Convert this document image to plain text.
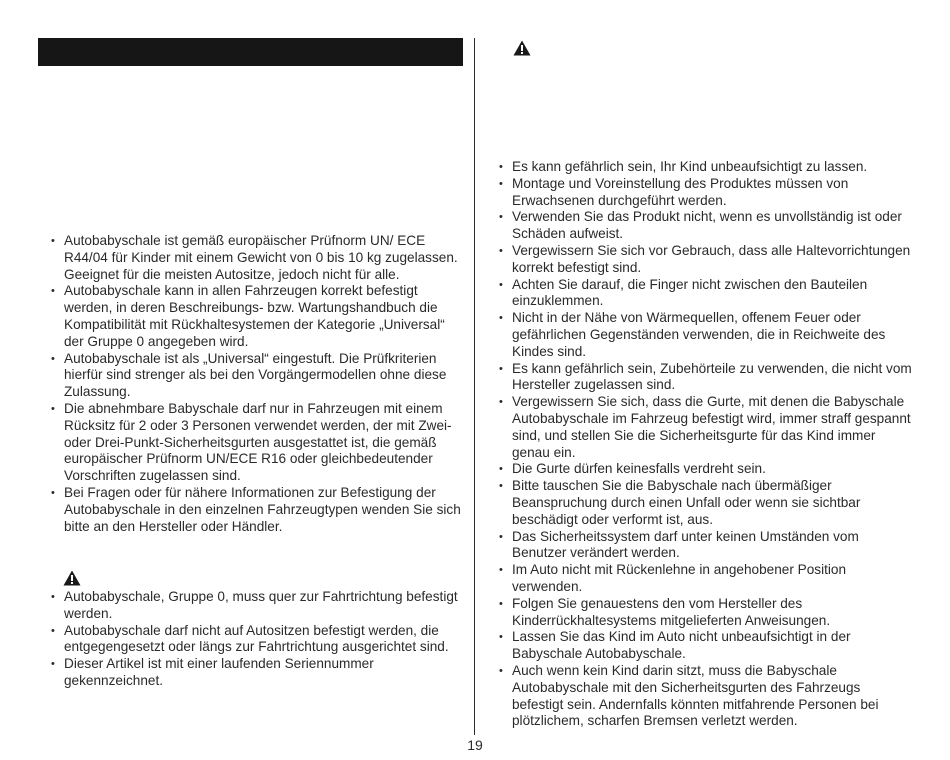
• Autobabyschale ist gemäß europäischer Prüfnorm UN/ ECE R44/04 für Kinder mit einem Gewicht von 0 bis 10 kg zugelassen. Geeignet für die meisten Autositze, jedoch nicht für alle.
• Autobabyschale kann in allen Fahrzeugen korrekt befestigt werden, in deren Beschreibungs- bzw. Wartungshandbuch die Kompatibilität mit Rückhaltesystemen der Kategorie „Universal“ der Gruppe 0 angegeben wird.
• Autobabyschale ist als „Universal“ eingestuft. Die Prüfkriterien hierfür sind strenger als bei den Vorgängermodellen ohne diese Zulassung.
• Die abnehmbare Babyschale darf nur in Fahrzeugen mit einem Rücksitz für 2 oder 3 Personen verwendet werden, der mit Zwei- oder Drei-Punkt-Sicherheitsgurten ausgestattet ist, die gemäß europäischer Prüfnorm UN/ECE R16 oder gleichbedeutender Vorschriften zugelassen sind.
• Bei Fragen oder für nähere Informationen zur Befestigung der Autobabyschale in den einzelnen Fahrzeugtypen wenden Sie sich bitte an den Hersteller oder Händler.
• Autobabyschale, Gruppe 0, muss quer zur Fahrtrichtung befestigt werden.
• Autobabyschale darf nicht auf Autositzen befestigt werden, die entgegengesetzt oder längs zur Fahrtrichtung ausgerichtet sind.
• Dieser Artikel ist mit einer laufenden Seriennummer gekennzeichnet.
• Es kann gefährlich sein, Ihr Kind unbeaufsichtigt zu lassen.
• Montage und Voreinstellung des Produktes müssen von Erwachsenen durchgeführt werden.
• Verwenden Sie das Produkt nicht, wenn es unvollständig ist oder Schäden aufweist.
• Vergewissern Sie sich vor Gebrauch, dass alle Haltevorrichtungen korrekt befestigt sind.
• Achten Sie darauf, die Finger nicht zwischen den Bauteilen einzuklemmen.
• Nicht in der Nähe von Wärmequellen, offenem Feuer oder gefährlichen Gegenständen verwenden, die in Reichweite des Kindes sind.
• Es kann gefährlich sein, Zubehörteile zu verwenden, die nicht vom Hersteller zugelassen sind.
• Vergewissern Sie sich, dass die Gurte, mit denen die Babyschale Autobabyschale im Fahrzeug befestigt wird, immer straff gespannt sind, und stellen Sie die Sicherheitsgurte für das Kind immer genau ein.
• Die Gurte dürfen keinesfalls verdreht sein.
• Bitte tauschen Sie die Babyschale nach übermäßiger Beanspruchung durch einen Unfall oder wenn sie sichtbar beschädigt oder verformt ist, aus.
• Das Sicherheitssystem darf unter keinen Umständen vom Benutzer verändert werden.
• Im Auto nicht mit Rückenlehne in angehobener Position verwenden.
• Folgen Sie genauestens den vom Hersteller des Kinderrückhaltesystems mitgelieferten Anweisungen.
• Lassen Sie das Kind im Auto nicht unbeaufsichtigt in der Babyschale Autobabyschale.
• Auch wenn kein Kind darin sitzt, muss die Babyschale Autobabyschale mit den Sicherheitsgurten des Fahrzeugs befestigt sein. Andernfalls könnten mitfahrende Personen bei plötzlichem, scharfen Bremsen verletzt werden.
19
